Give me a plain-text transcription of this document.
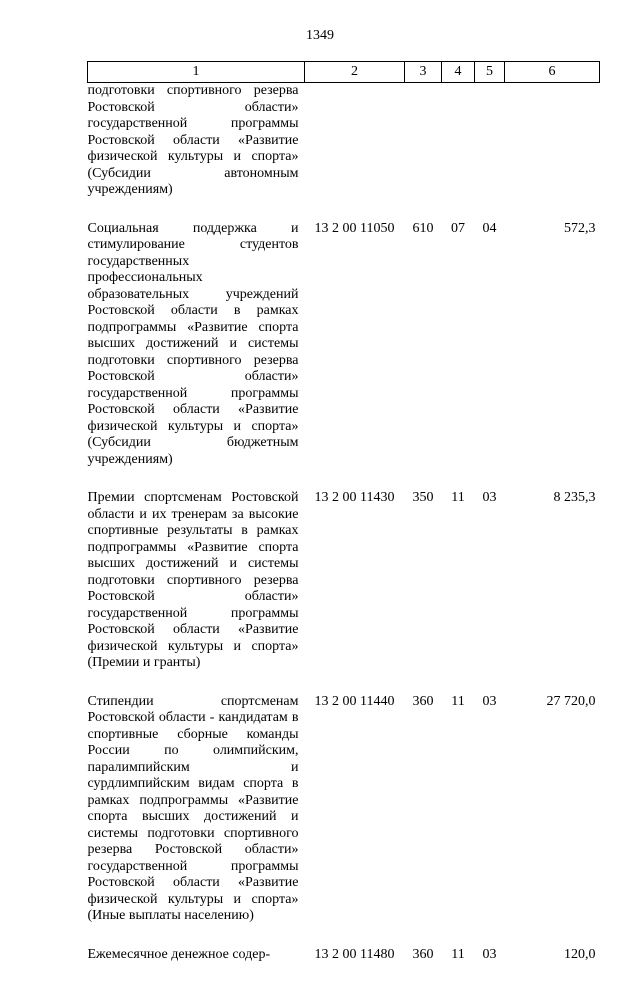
1349
1	2	3	4	5	6
подготовки спортивного резерва Ростовской области» государственной программы Ростовской области «Развитие физической культуры и спорта» (Субсидии автономным учреждениям)					
Социальная поддержка и стимулирование студентов государственных профессиональных образовательных учреждений Ростовской области в рамках подпрограммы «Развитие спорта высших достижений и системы подготовки спортивного резерва Ростовской области» государственной программы Ростовской области «Развитие физической культуры и спорта» (Субсидии бюджетным учреждениям)	13 2 00 11050	610	07	04	572,3
Премии спортсменам Ростовской области и их тренерам за высокие спортивные результаты в рамках подпрограммы «Развитие спорта высших достижений и системы подготовки спортивного резерва Ростовской области» государственной программы Ростовской области «Развитие физической культуры и спорта» (Премии и гранты)	13 2 00 11430	350	11	03	8 235,3
Стипендии спортсменам Ростовской области - кандидатам в спортивные сборные команды России по олимпийским, паралимпийским и сурдлимпийским видам спорта в рамках подпрограммы «Развитие спорта высших достижений и системы подготовки спортивного резерва Ростовской области» государственной программы Ростовской области «Развитие физической культуры и спорта» (Иные выплаты населению)	13 2 00 11440	360	11	03	27 720,0
Ежемесячное денежное содер-	13 2 00 11480	360	11	03	120,0
